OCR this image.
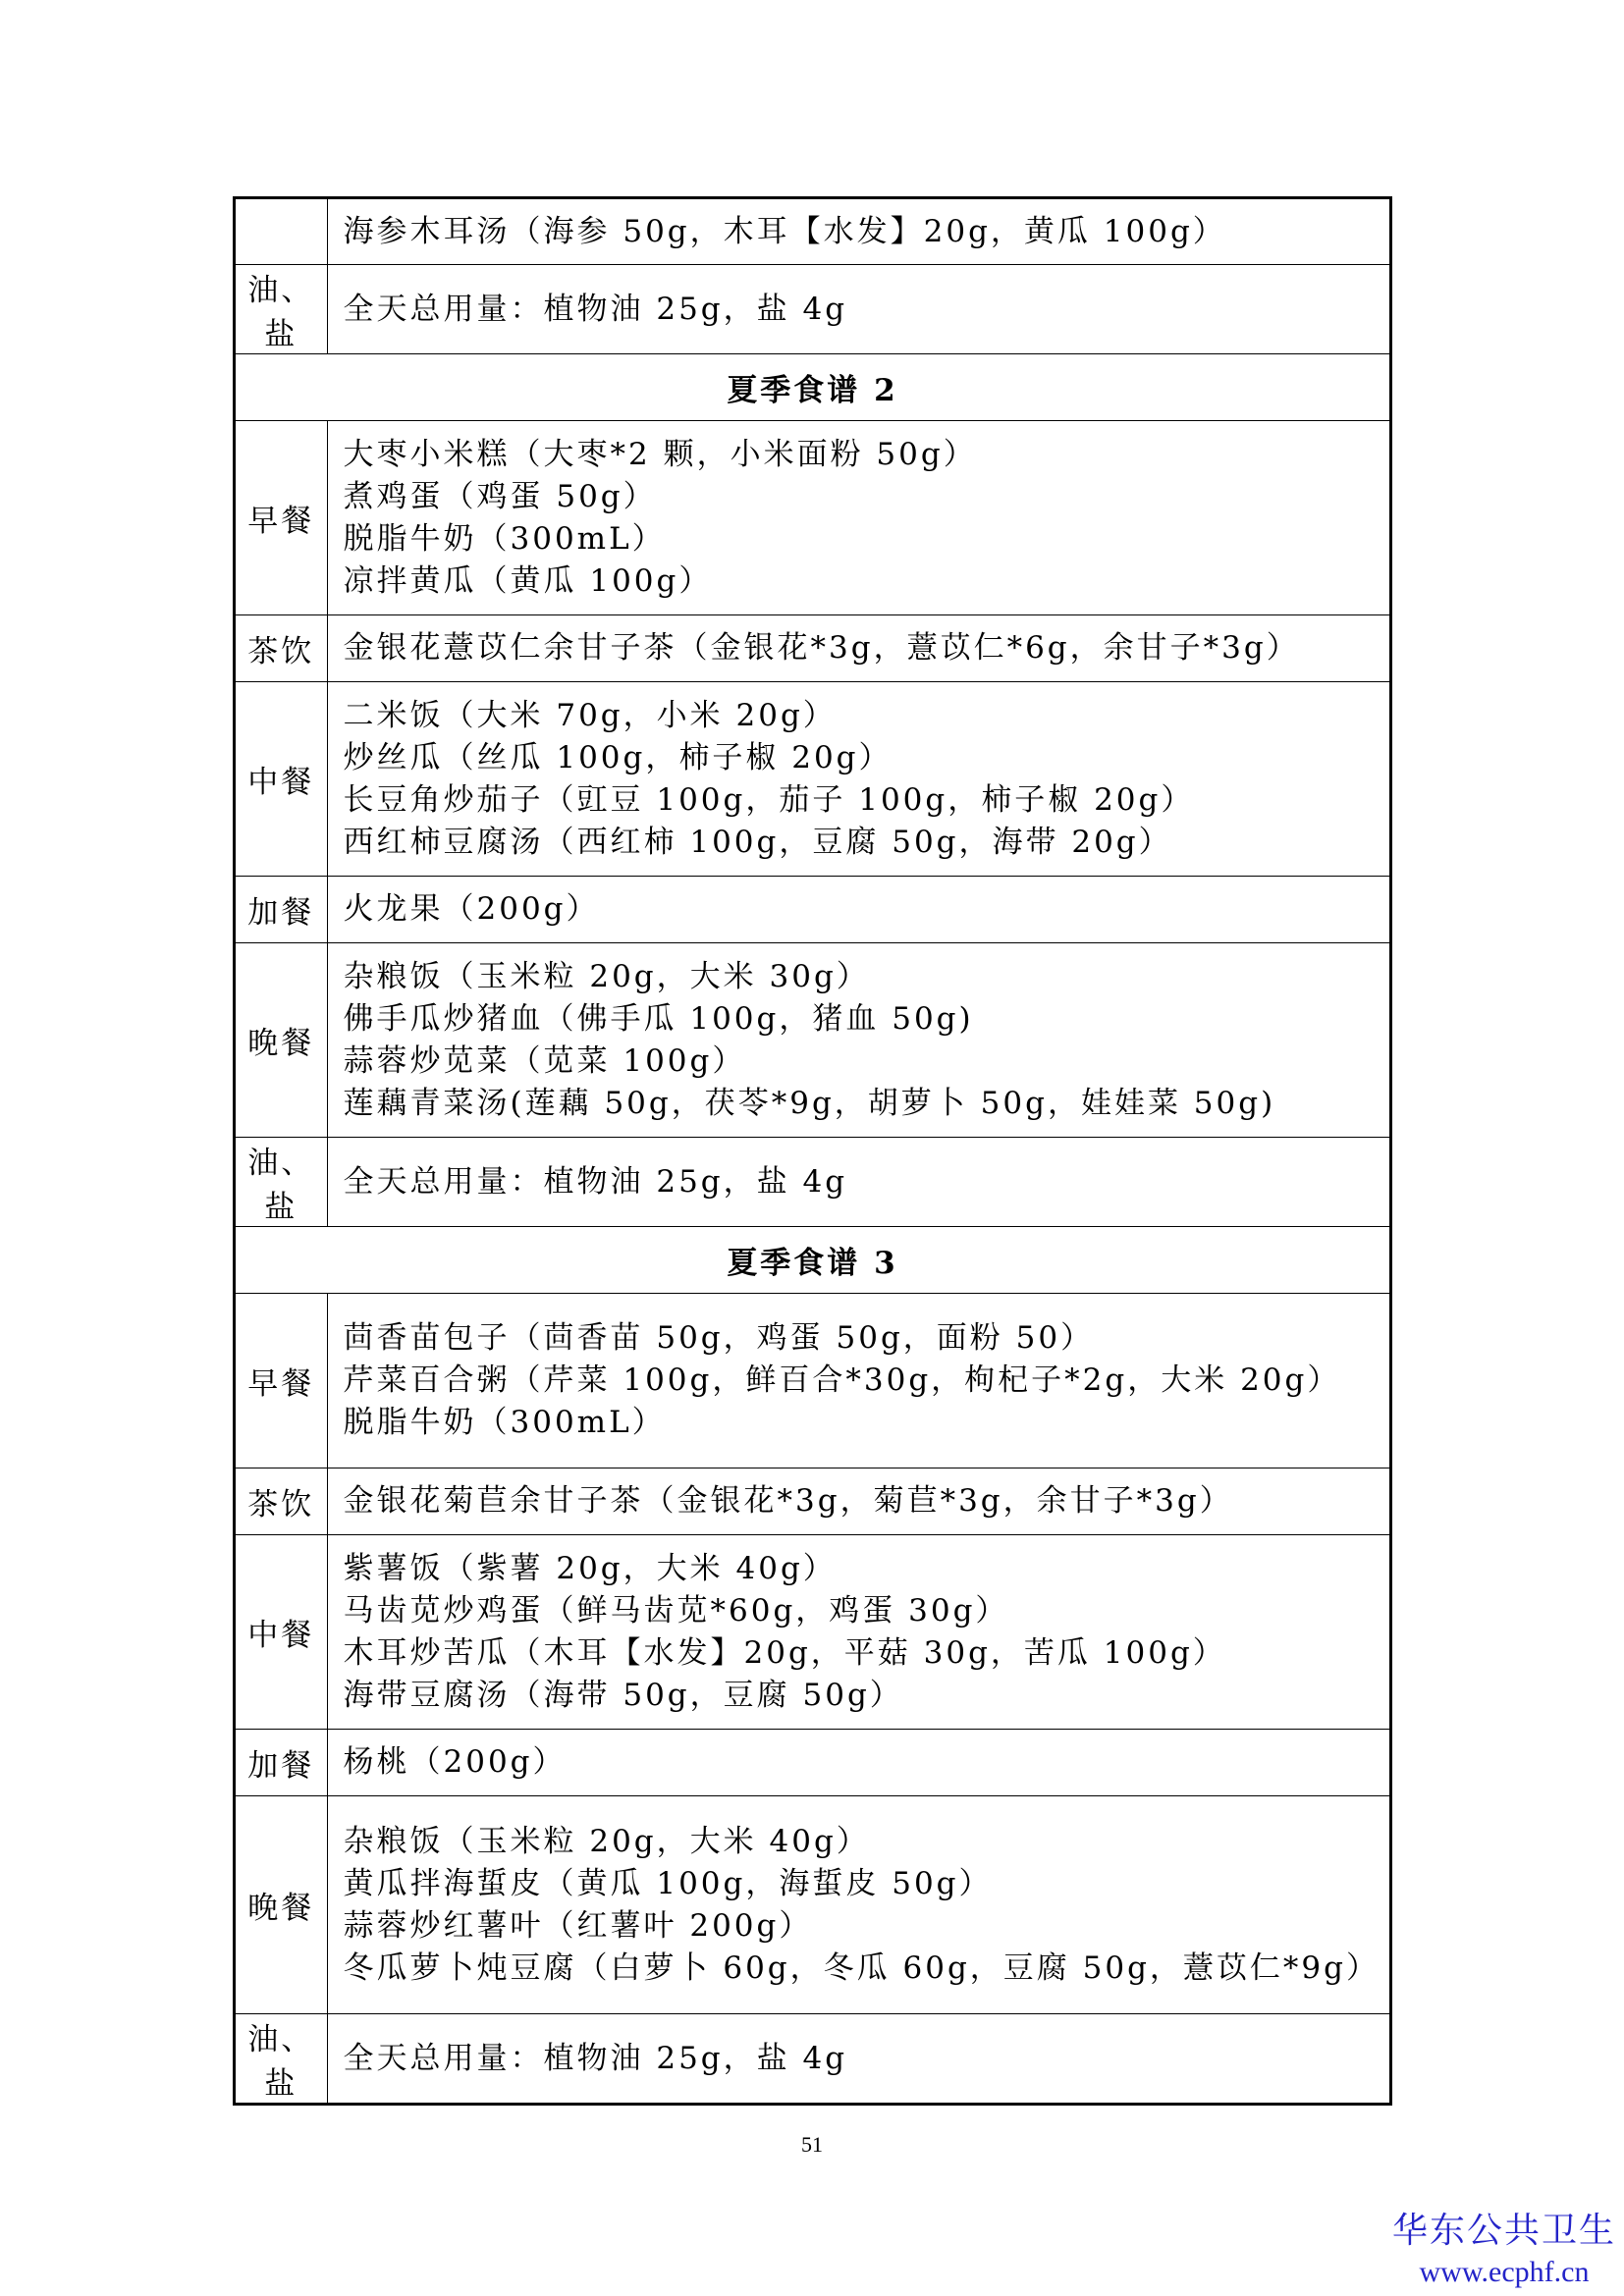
	海参木耳汤（海参 50g，木耳【水发】20g，黄瓜 100g）

油、盐	全天总用量：植物油 25g，盐 4g

夏季食谱 2	
早餐	大枣小米糕（大枣*2 颗，小米面粉 50g）
煮鸡蛋（鸡蛋 50g）
脱脂牛奶（300mL）
凉拌黄瓜（黄瓜 100g）

茶饮	金银花薏苡仁余甘子茶（金银花*3g，薏苡仁*6g，余甘子*3g）

中餐	二米饭（大米 70g，小米 20g）
炒丝瓜（丝瓜 100g，柿子椒 20g）
长豆角炒茄子（豇豆 100g，茄子 100g，柿子椒 20g）
西红柿豆腐汤（西红柿 100g，豆腐 50g，海带 20g）

加餐	火龙果（200g）

晚餐	杂粮饭（玉米粒 20g，大米 30g）
佛手瓜炒猪血（佛手瓜 100g，猪血 50g)
蒜蓉炒苋菜（苋菜 100g）
莲藕青菜汤(莲藕 50g，茯苓*9g，胡萝卜 50g，娃娃菜 50g)

油、盐	全天总用量：植物油 25g，盐 4g

夏季食谱 3	
早餐	茴香苗包子（茴香苗 50g，鸡蛋 50g，面粉 50）
芹菜百合粥（芹菜 100g，鲜百合*30g，枸杞子*2g，大米 20g）
脱脂牛奶（300mL）

茶饮	金银花菊苣余甘子茶（金银花*3g，菊苣*3g，余甘子*3g）

中餐	紫薯饭（紫薯 20g，大米 40g）
马齿苋炒鸡蛋（鲜马齿苋*60g，鸡蛋 30g）
木耳炒苦瓜（木耳【水发】20g，平菇 30g，苦瓜 100g）
海带豆腐汤（海带 50g，豆腐 50g）

加餐	杨桃（200g）

晚餐	杂粮饭（玉米粒 20g，大米 40g）
黄瓜拌海蜇皮（黄瓜 100g，海蜇皮 50g）
蒜蓉炒红薯叶（红薯叶 200g）
冬瓜萝卜炖豆腐（白萝卜 60g，冬瓜 60g，豆腐 50g，薏苡仁*9g）

油、盐	全天总用量：植物油 25g，盐 4g
51
华东公共卫生
www.ecphf.cn
